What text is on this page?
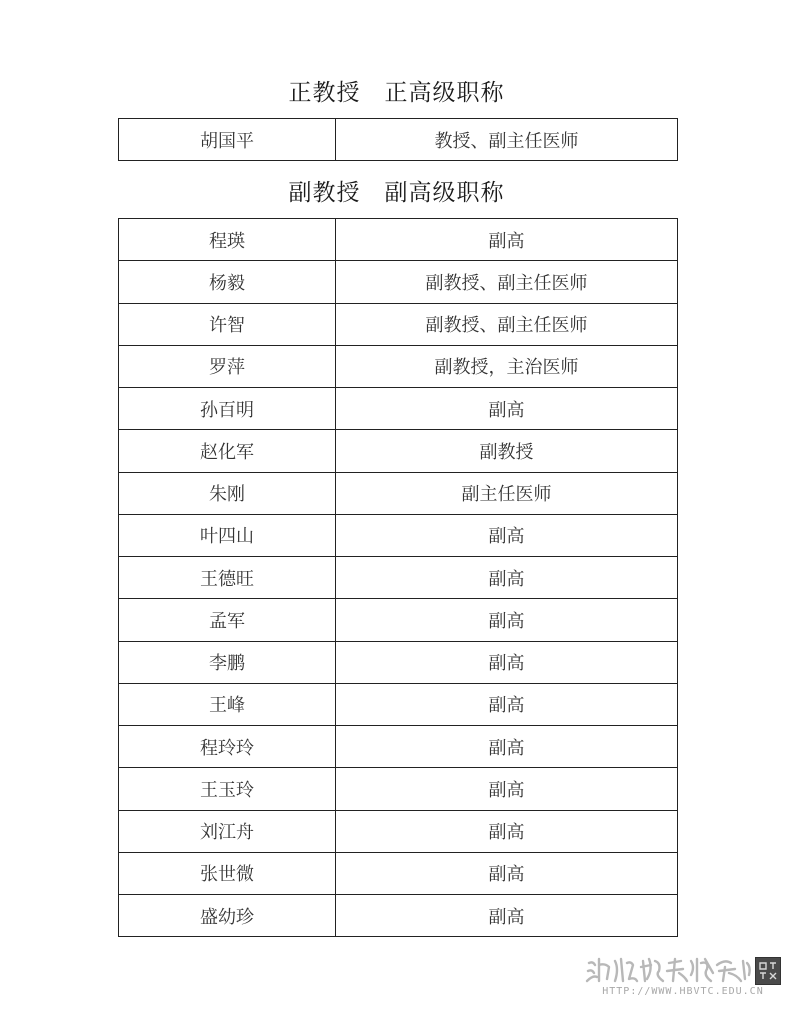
正教授　正高级职称
胡国平	教授、副主任医师
副教授　副高级职称
程瑛	副高
杨毅	副教授、副主任医师
许智	副教授、副主任医师
罗萍	副教授，主治医师
孙百明	副高
赵化军	副教授
朱刚	副主任医师
叶四山	副高
王德旺	副高
孟军	副高
李鹏	副高
王峰	副高
程玲玲	副高
王玉玲	副高
刘江舟	副高
张世微	副高
盛幼珍	副高
HTTP://WWW.HBVTC.EDU.CN
